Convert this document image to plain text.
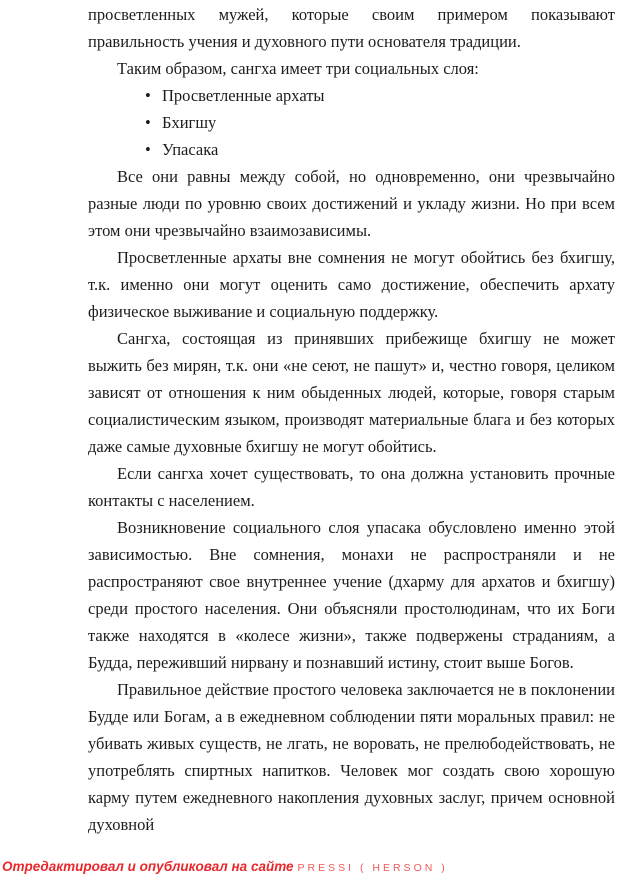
просветленных мужей, которые своим примером показывают правильность учения и духовного пути основателя традиции.

Таким образом, сангха имеет три социальных слоя:

• Просветленные архаты
• Бхигшу
• Упасака

Все они равны между собой, но одновременно, они чрезвычайно разные люди по уровню своих достижений и укладу жизни. Но при всем этом они чрезвычайно взаимозависимы.

Просветленные архаты вне сомнения не могут обойтись без бхигшу, т.к. именно они могут оценить само достижение, обеспечить архату физическое выживание и социальную поддержку.

Сангха, состоящая из принявших прибежище бхигшу не может выжить без мирян, т.к. они «не сеют, не пашут» и, честно говоря, целиком зависят от отношения к ним обыденных людей, которые, говоря старым социалистическим языком, производят материальные блага и без которых даже самые духовные бхигшу не могут обойтись.

Если сангха хочет существовать, то она должна установить прочные контакты с населением.

Возникновение социального слоя упасака обусловлено именно этой зависимостью. Вне сомнения, монахи не распространяли и не распространяют свое внутреннее учение (дхарму для архатов и бхигшу) среди простого населения. Они объясняли простолюдинам, что их Боги также находятся в «колесе жизни», также подвержены страданиям, а Будда, переживший нирвану и познавший истину, стоит выше Богов.

Правильное действие простого человека заключается не в поклонении Будде или Богам, а в ежедневном соблюдении пяти моральных правил: не убивать живых существ, не лгать, не воровать, не прелюбодействовать, не употреблять спиртных напитков. Человек мог создать свою хорошую карму путем ежедневного накопления духовных заслуг, причем основной духовной

Отредактировал и опубликовал на сайте PRESSI ( HERSON )
